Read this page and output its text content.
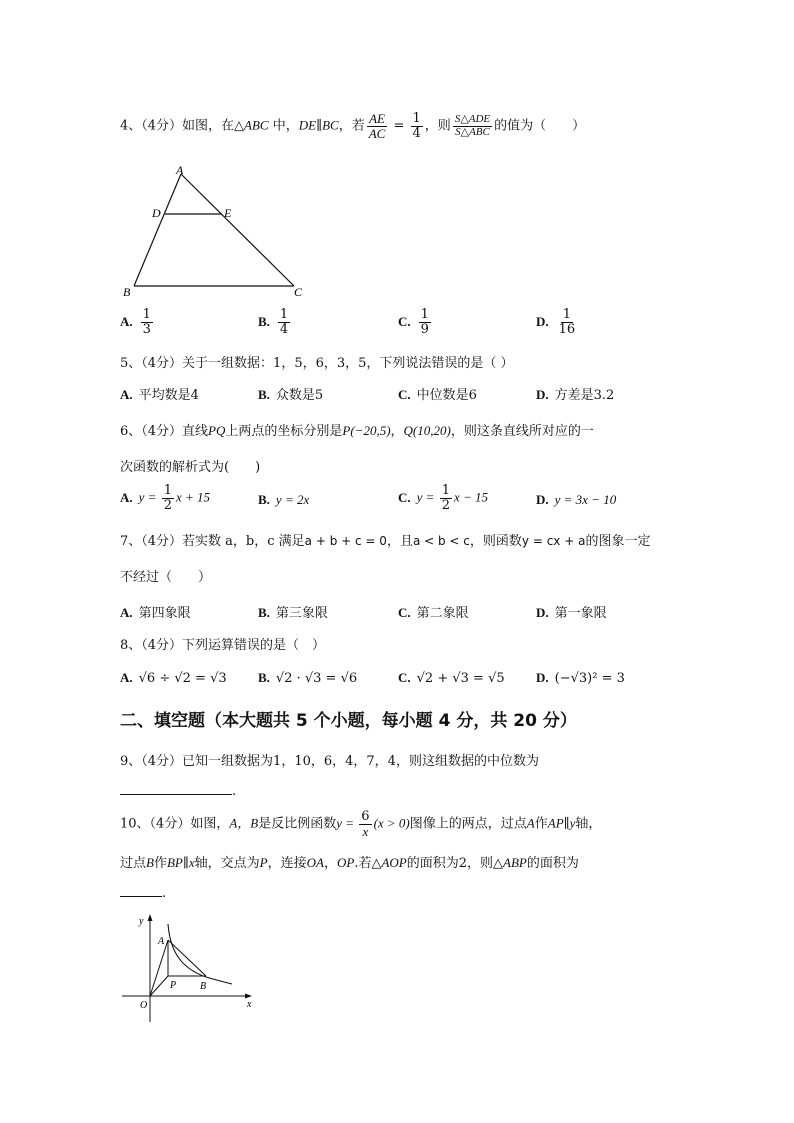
4、（4分）如图，在△ABC 中，DE∥BC，若 $\frac{AE}{AC} = \frac{1}{4}$ ，则 $\frac{\text{S△ADE}}{\text{S△ABC}}$ 的值为（　　）
A
D	E
B	C
A. $\frac{1}{3}$	B. $\frac{1}{4}$	C. $\frac{1}{9}$	D. $\frac{1}{16}$
5、（4分）关于一组数据：1，5，6，3，5，下列说法错误的是（ ）
A. 平均数是4	B. 众数是5	C. 中位数是6	D. 方差是3.2
6、（4分）直线PQ上两点的坐标分别是P(−20,5)，Q(10,20)，则这条直线所对应的一
次函数的解析式为(　　)
A. $y = \frac{1}{2}$ x + 15	B. y = 2x	C. $y = \frac{1}{2}$ x − 15	D. y = 3x − 10
7、（4分）若实数 a，b，c 满足a + b + c = 0，且a < b < c，则函数y = cx + a的图象一定
不经过（　　）
A. 第四象限	B. 第三象限	C. 第二象限	D. 第一象限
8、（4分）下列运算错误的是（　）
A. √6 ÷ √2 = √3 B. √2 · √3 = √6	C. √2 + √3 = √5 D. (−√3)² = 3
二、填空题（本大题共 5 个小题，每小题 4 分，共 20 分）
9、（4分）已知一组数据为1，10，6，4，7，4，则这组数据的中位数为
.
10、（4分）如图，A，B是反比例函数$y = \frac{6}{x} (x > 0)$图像上的两点，过点A作AP∥y轴，
过点B作BP∥x轴，交点为P，连接OA，OP.若△AOP的面积为2，则△ABP的面积为
.
y
x
O
A
P B
